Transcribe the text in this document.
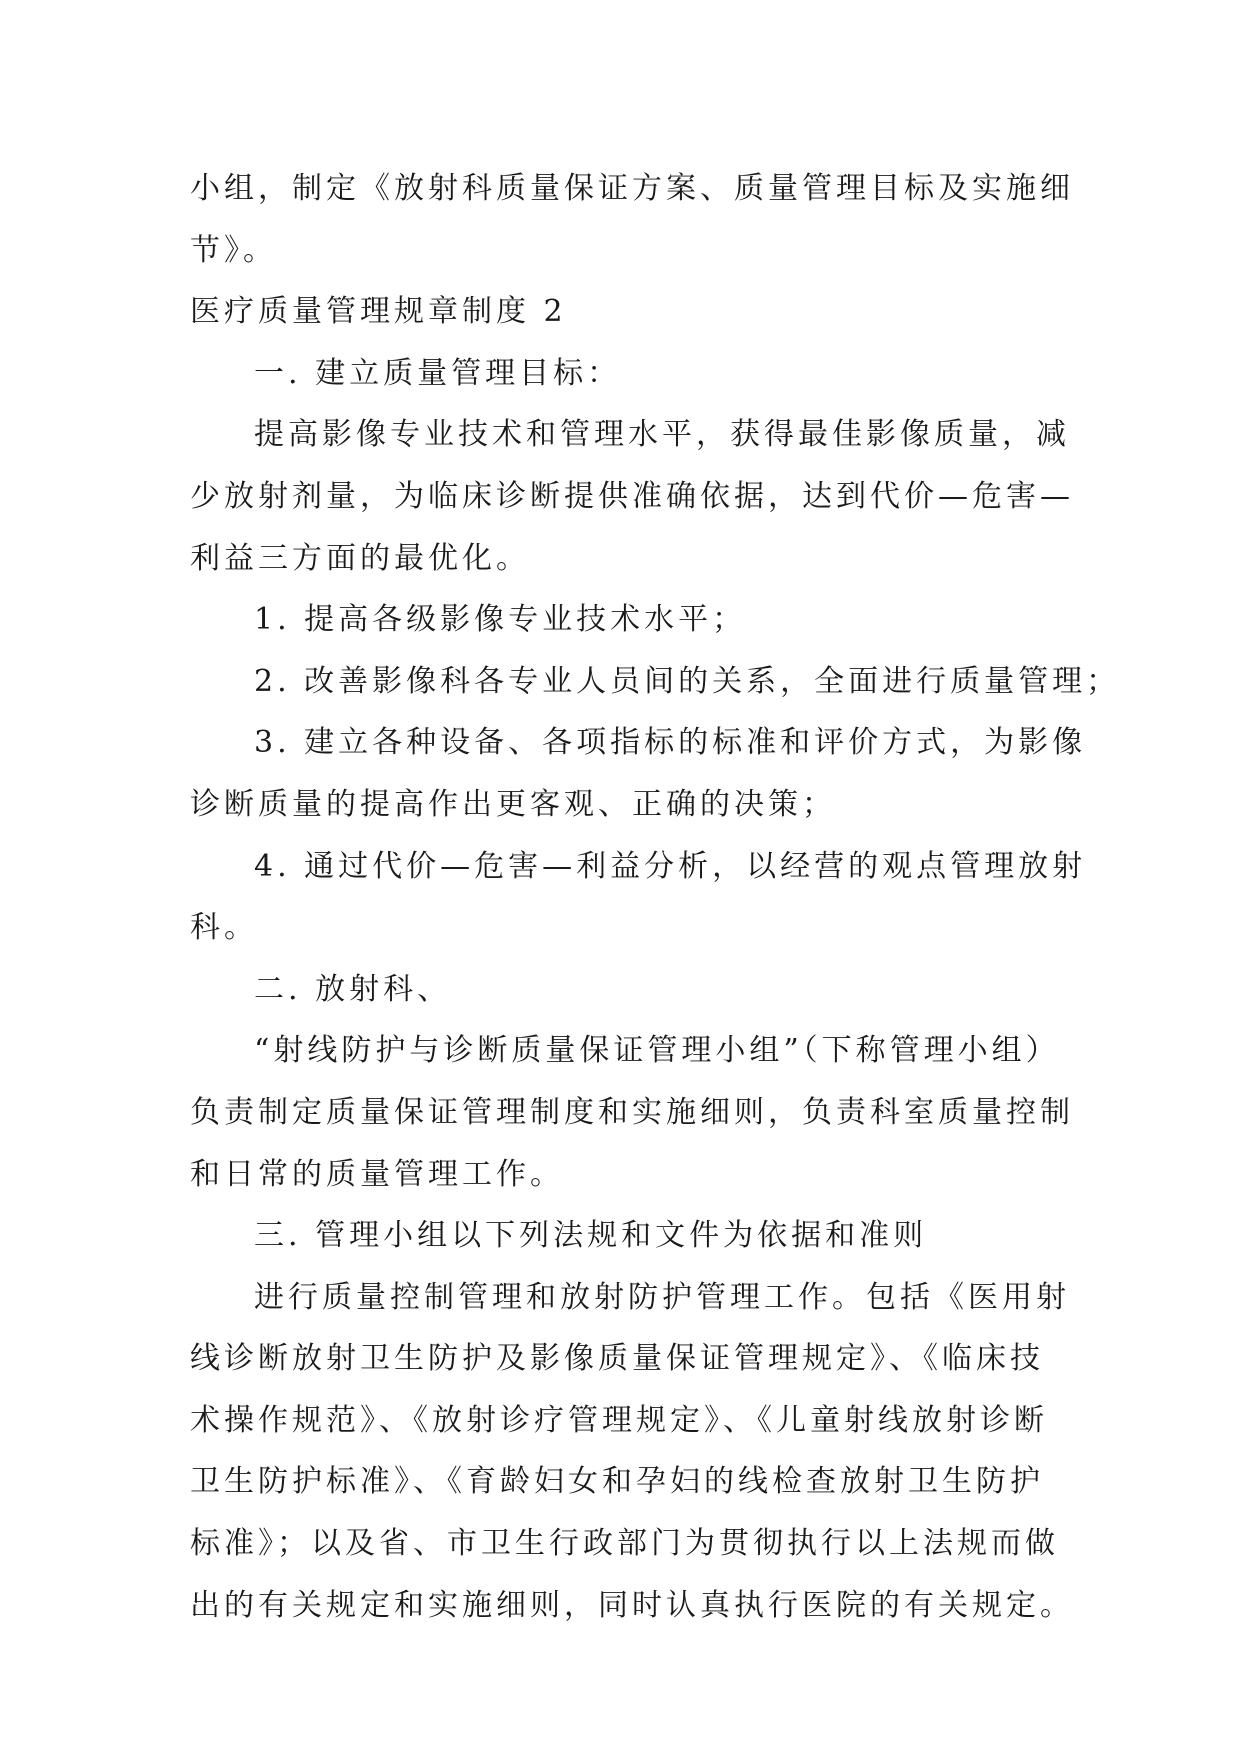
小组，制定《放射科质量保证方案、质量管理目标及实施细
节》。
医疗质量管理规章制度 2
一. 建立质量管理目标：
提高影像专业技术和管理水平，获得最佳影像质量，减
少放射剂量，为临床诊断提供准确依据，达到代价—危害—
利益三方面的最优化。
1. 提高各级影像专业技术水平；
2. 改善影像科各专业人员间的关系，全面进行质量管理；
3. 建立各种设备、各项指标的标准和评价方式，为影像
诊断质量的提高作出更客观、正确的决策；
4. 通过代价—危害—利益分析，以经营的观点管理放射
科。
二. 放射科、
“射线防护与诊断质量保证管理小组”（下称管理小组）
负责制定质量保证管理制度和实施细则，负责科室质量控制
和日常的质量管理工作。
三. 管理小组以下列法规和文件为依据和准则
进行质量控制管理和放射防护管理工作。包括《医用射
线诊断放射卫生防护及影像质量保证管理规定》、《临床技
术操作规范》、《放射诊疗管理规定》、《儿童射线放射诊断
卫生防护标准》、《育龄妇女和孕妇的线检查放射卫生防护
标准》；以及省、市卫生行政部门为贯彻执行以上法规而做
出的有关规定和实施细则，同时认真执行医院的有关规定。
